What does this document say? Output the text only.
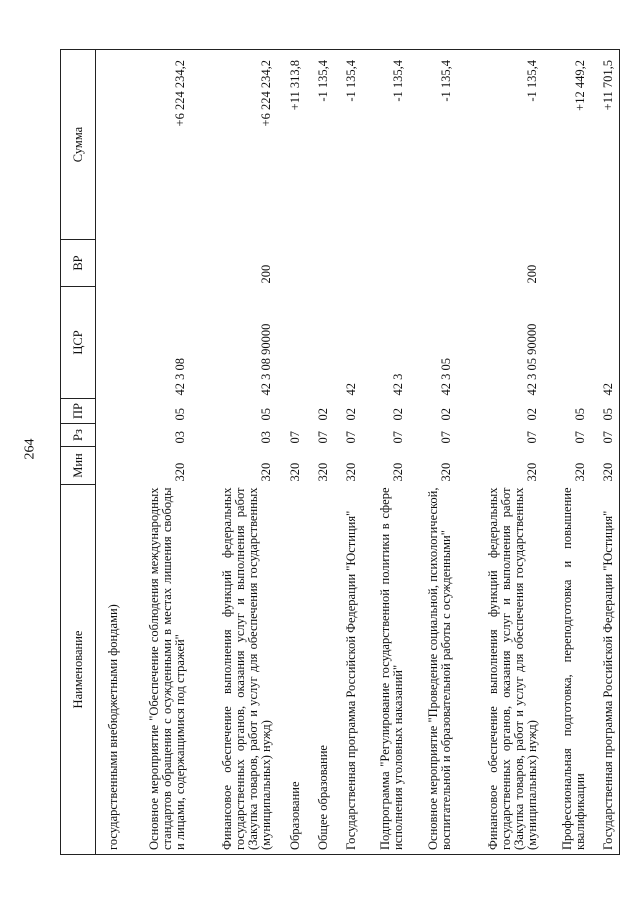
264
Наименование	Мин	Рз	ПР	ЦСР	ВР	Сумма
государственными внебюджетными фондами)						
Основное мероприятие "Обеспечение соблюдения международных стандартов обращения с осужденными в местах лишения свободы и лицами, содержащимися под стражей"	320	03	05	42 3 08		+6 224 234,2
Финансовое обеспечение выполнения функций федеральных государственных органов, оказания услуг и выполнения работ (Закупка товаров, работ и услуг для обеспечения государственных (муниципальных) нужд)	320	03	05	42 3 08 90000	200	+6 224 234,2
Образование	320	07				+11 313,8
Общее образование	320	07	02			-1 135,4
Государственная программа Российской Федерации "Юстиция"	320	07	02	42		-1 135,4
Подпрограмма "Регулирование государственной политики в сфере исполнения уголовных наказаний"	320	07	02	42 3		-1 135,4
Основное мероприятие "Проведение социальной, психологической, воспитательной и образовательной работы с осужденными"	320	07	02	42 3 05		-1 135,4
Финансовое обеспечение выполнения функций федеральных государственных органов, оказания услуг и выполнения работ (Закупка товаров, работ и услуг для обеспечения государственных (муниципальных) нужд)	320	07	02	42 3 05 90000	200	-1 135,4
Профессиональная подготовка, переподготовка и повышение квалификации	320	07	05			+12 449,2
Государственная программа Российской Федерации "Юстиция"	320	07	05	42		+11 701,5
